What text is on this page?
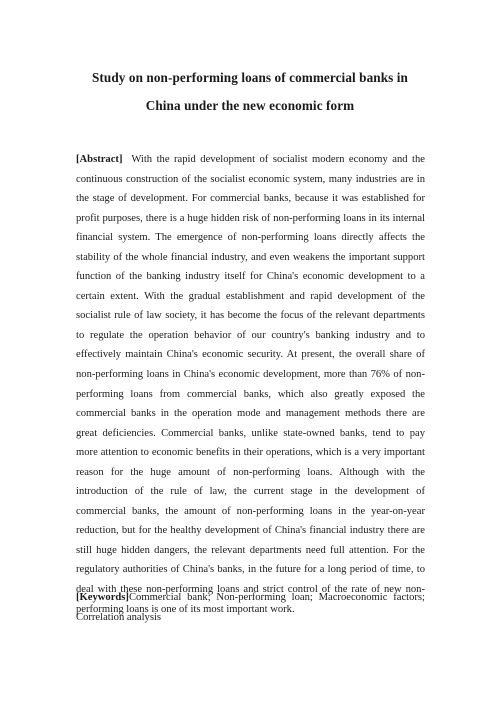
Study on non-performing loans of commercial banks in
China under the new economic form

[Abstract] With the rapid development of socialist modern economy and the continuous construction of the socialist economic system, many industries are in the stage of development. For commercial banks, because it was established for profit purposes, there is a huge hidden risk of non-performing loans in its internal financial system. The emergence of non-performing loans directly affects the stability of the whole financial industry, and even weakens the important support function of the banking industry itself for China's economic development to a certain extent. With the gradual establishment and rapid development of the socialist rule of law society, it has become the focus of the relevant departments to regulate the operation behavior of our country's banking industry and to effectively maintain China's economic security. At present, the overall share of non-performing loans in China's economic development, more than 76% of non-performing loans from commercial banks, which also greatly exposed the commercial banks in the operation mode and management methods there are great deficiencies. Commercial banks, unlike state-owned banks, tend to pay more attention to economic benefits in their operations, which is a very important reason for the huge amount of non-performing loans. Although with the introduction of the rule of law, the current stage in the development of commercial banks, the amount of non-performing loans in the year-on-year reduction, but for the healthy development of China's financial industry there are still huge hidden dangers, the relevant departments need full attention. For the regulatory authorities of China's banks, in the future for a long period of time, to deal with these non-performing loans and strict control of the rate of new non-performing loans is one of its most important work.

[Keywords]Commercial bank; Non-performing loan; Macroeconomic factors; Correlation analysis
